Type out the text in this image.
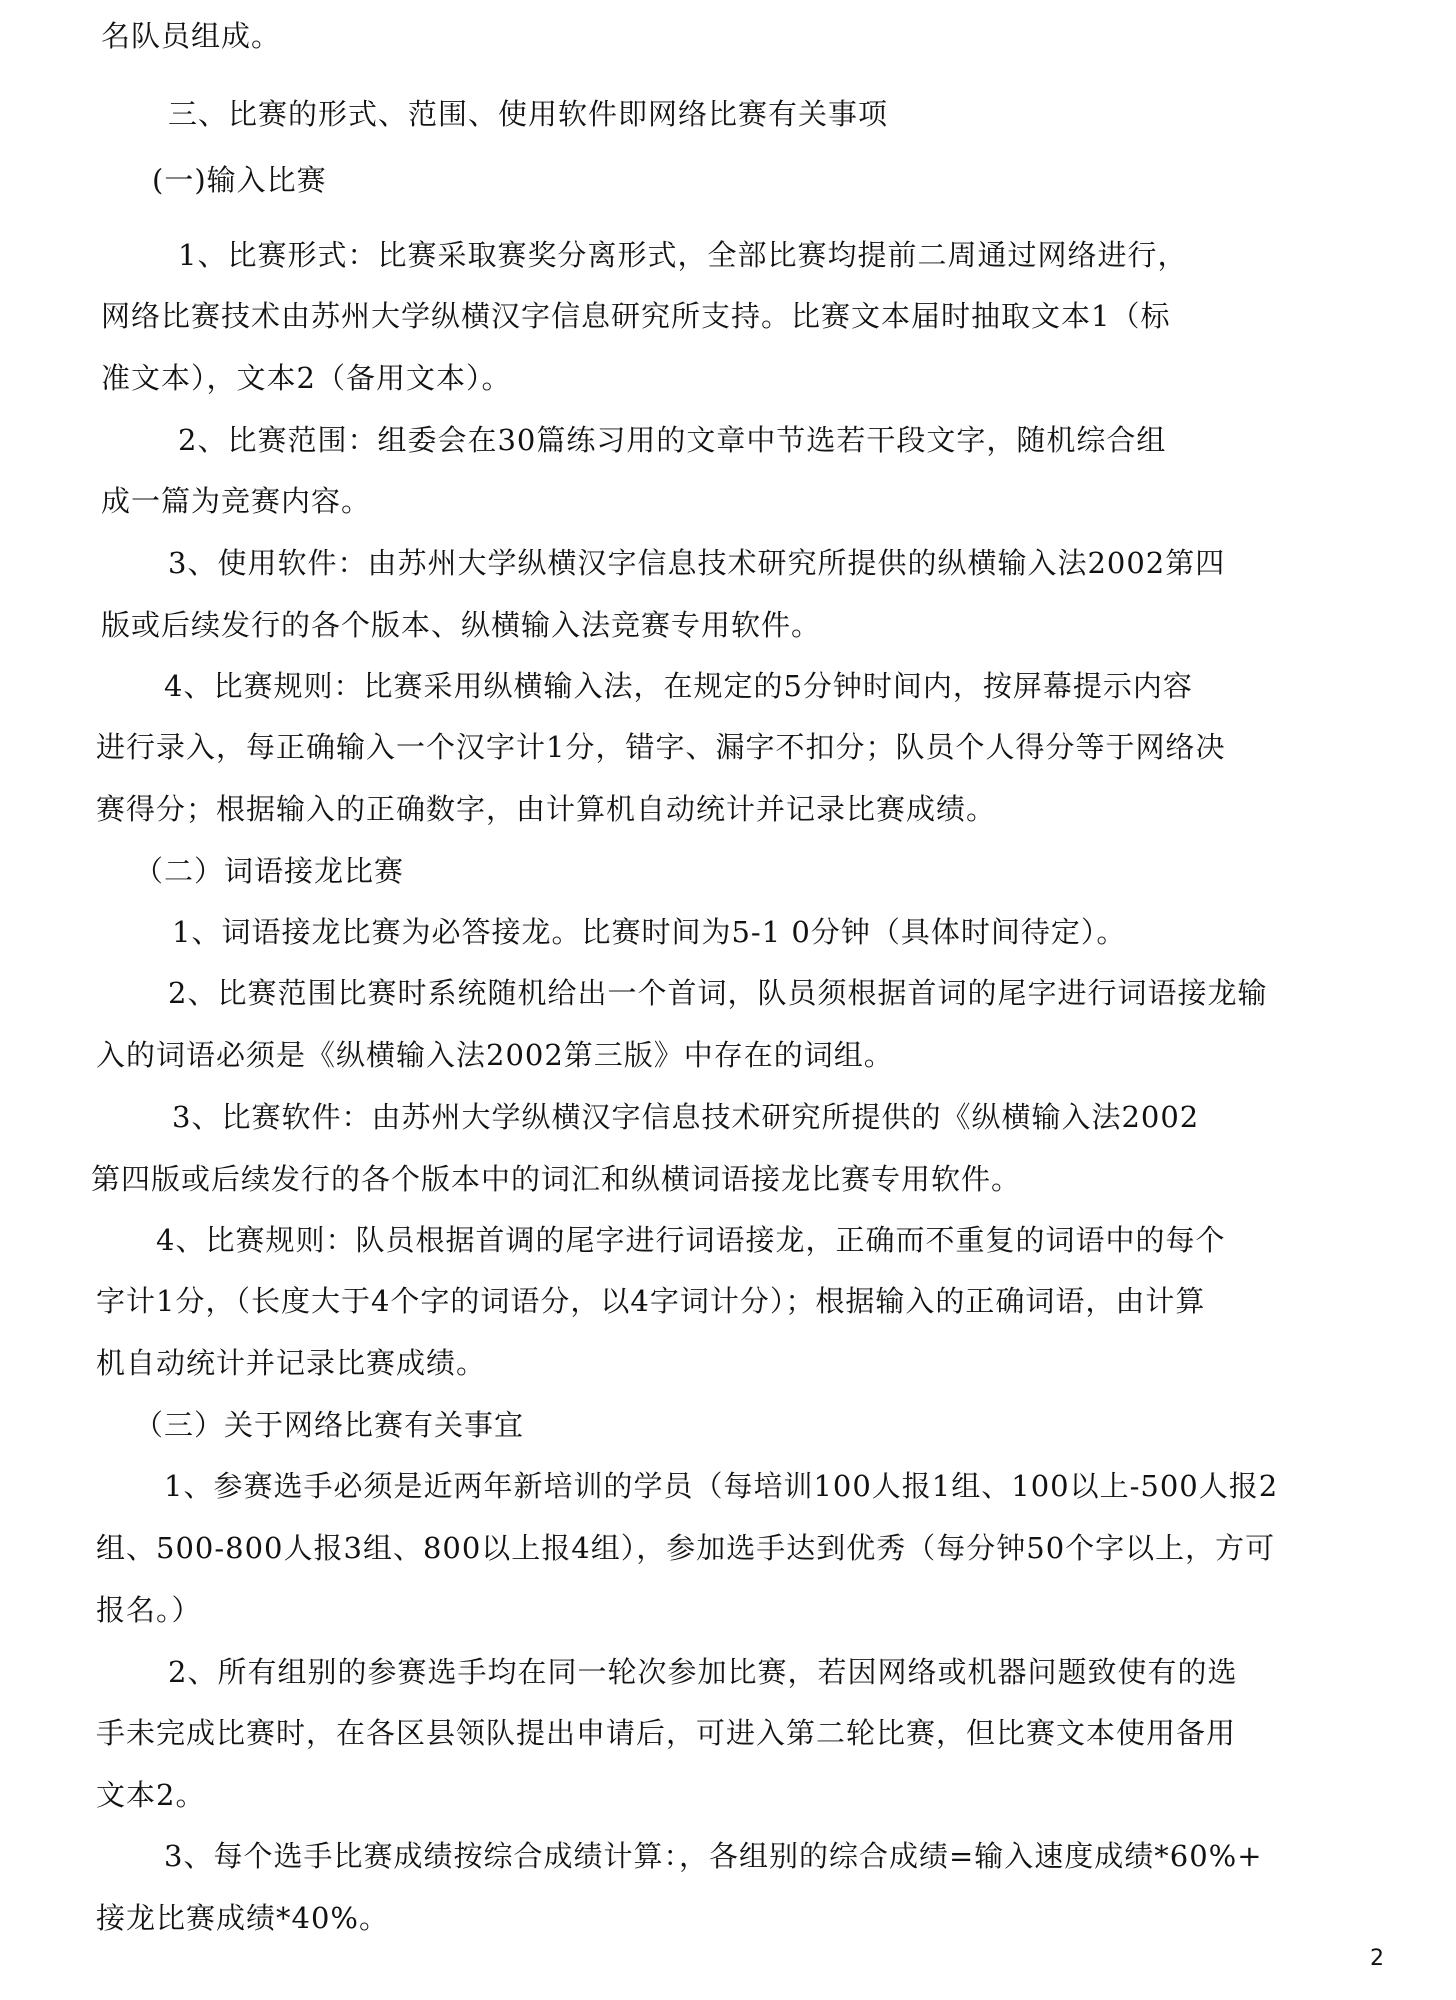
名队员组成。

三、比赛的形式、范围、使用软件即网络比赛有关事项

(一)输入比赛

1、比赛形式：比赛采取赛奖分离形式，全部比赛均提前二周通过网络进行，

网络比赛技术由苏州大学纵横汉字信息研究所支持。比赛文本届时抽取文本1（标

准文本），文本2（备用文本）。

2、比赛范围：组委会在30篇练习用的文章中节选若干段文字，随机综合组

成一篇为竞赛内容。

3、使用软件：由苏州大学纵横汉字信息技术研究所提供的纵横输入法2002第四

版或后续发行的各个版本、纵横输入法竞赛专用软件。

4、比赛规则：比赛采用纵横输入法，在规定的5分钟时间内，按屏幕提示内容

进行录入，每正确输入一个汉字计1分，错字、漏字不扣分；队员个人得分等于网络决

赛得分；根据输入的正确数字，由计算机自动统计并记录比赛成绩。

（二）词语接龙比赛

1、词语接龙比赛为必答接龙。比赛时间为5-1 0分钟（具体时间待定）。

2、比赛范围比赛时系统随机给出一个首词，队员须根据首词的尾字进行词语接龙输

入的词语必须是《纵横输入法2002第三版》中存在的词组。

3、比赛软件：由苏州大学纵横汉字信息技术研究所提供的《纵横输入法2002

第四版或后续发行的各个版本中的词汇和纵横词语接龙比赛专用软件。

4、比赛规则：队员根据首调的尾字进行词语接龙，正确而不重复的词语中的每个

字计1分，（长度大于4个字的词语分，以4字词计分）；根据输入的正确词语，由计算

机自动统计并记录比赛成绩。

（三）关于网络比赛有关事宜

1、参赛选手必须是近两年新培训的学员（每培训100人报1组、100以上-500人报2

组、500-800人报3组、800以上报4组），参加选手达到优秀（每分钟50个字以上，方可

报名。）

2、所有组别的参赛选手均在同一轮次参加比赛，若因网络或机器问题致使有的选

手未完成比赛时，在各区县领队提出申请后，可进入第二轮比赛，但比赛文本使用备用

文本2。

3、每个选手比赛成绩按综合成绩计算：，各组别的综合成绩=输入速度成绩*60%+

接龙比赛成绩*40%。

2
